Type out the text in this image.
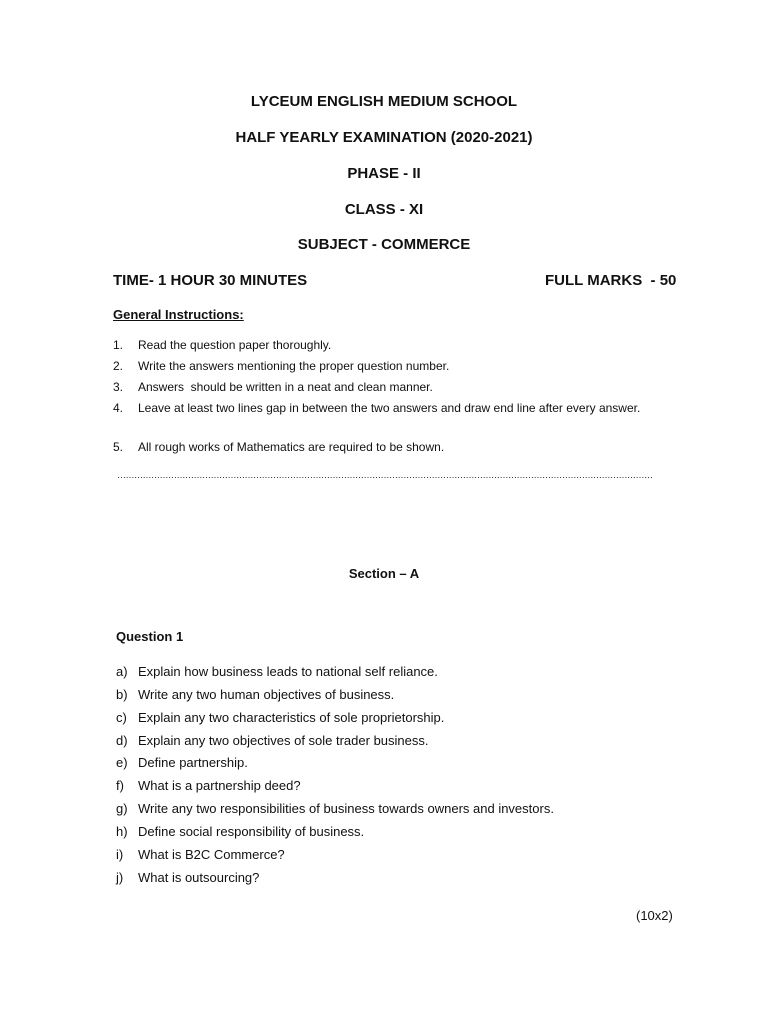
LYCEUM ENGLISH MEDIUM SCHOOL
HALF YEARLY EXAMINATION (2020-2021)
PHASE - II
CLASS - XI
SUBJECT - COMMERCE
TIME- 1 HOUR 30 MINUTES	FULL MARKS  - 50
General Instructions:
1. Read the question paper thoroughly.
2. Write the answers mentioning the proper question number.
3. Answers  should be written in a neat and clean manner.
4. Leave at least two lines gap in between the two answers and draw end line after every answer.
5. All rough works of Mathematics are required to be shown.
………………………………………………………………………………………………………………………………………………………………………
Section – A
Question 1
a) Explain how business leads to national self reliance.
b) Write any two human objectives of business.
c) Explain any two characteristics of sole proprietorship.
d) Explain any two objectives of sole trader business.
e) Define partnership.
f) What is a partnership deed?
g) Write any two responsibilities of business towards owners and investors.
h) Define social responsibility of business.
i) What is B2C Commerce?
j) What is outsourcing?
(10x2)
